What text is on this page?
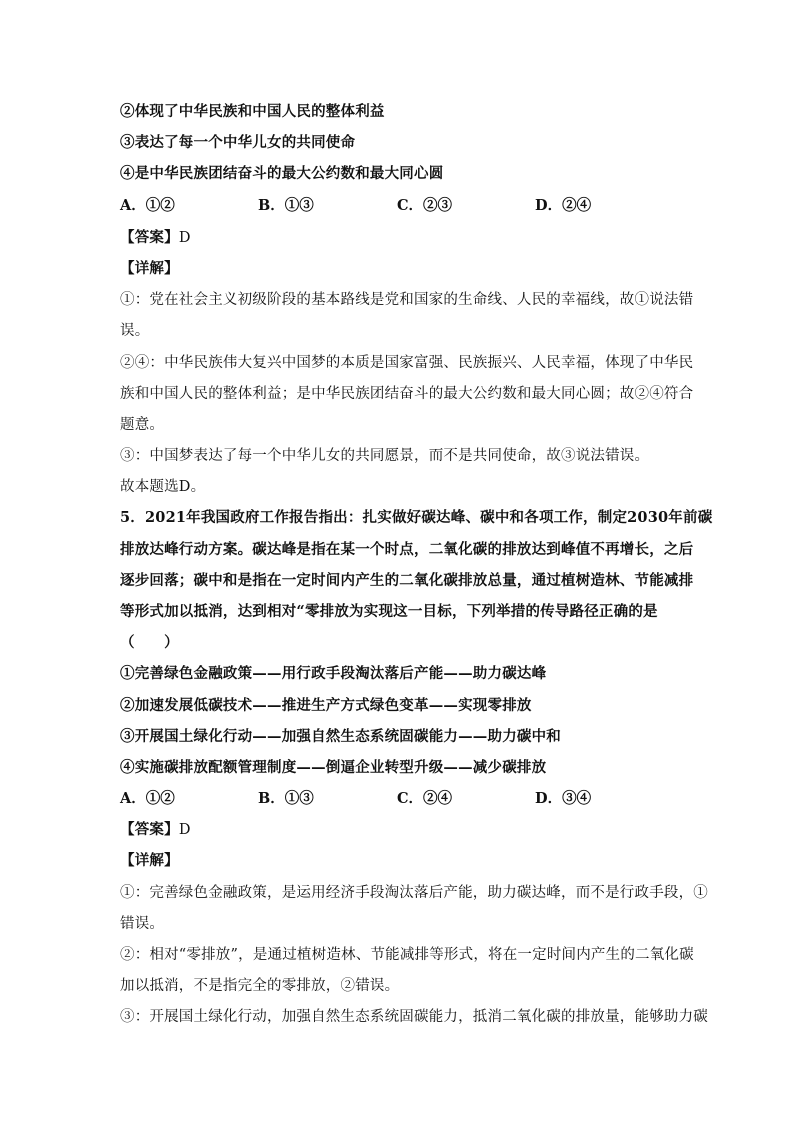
②体现了中华民族和中国人民的整体利益
③表达了每一个中华儿女的共同使命
④是中华民族团结奋斗的最大公约数和最大同心圆
A．①②	B．①③	C．②③	D．②④
【答案】D
【详解】
①：党在社会主义初级阶段的基本路线是党和国家的生命线、人民的幸福线，故①说法错
误。
②④：中华民族伟大复兴中国梦的本质是国家富强、民族振兴、人民幸福，体现了中华民
族和中国人民的整体利益；是中华民族团结奋斗的最大公约数和最大同心圆；故②④符合
题意。
③：中国梦表达了每一个中华儿女的共同愿景，而不是共同使命，故③说法错误。
故本题选D。
5．2021年我国政府工作报告指出：扎实做好碳达峰、碳中和各项工作，制定2030年前碳
排放达峰行动方案。碳达峰是指在某一个时点，二氧化碳的排放达到峰值不再增长，之后
逐步回落；碳中和是指在一定时间内产生的二氧化碳排放总量，通过植树造林、节能减排
等形式加以抵消，达到相对“零排放为实现这一目标，下列举措的传导路径正确的是
（　　）
①完善绿色金融政策——用行政手段淘汰落后产能——助力碳达峰
②加速发展低碳技术——推进生产方式绿色变革——实现零排放
③开展国土绿化行动——加强自然生态系统固碳能力——助力碳中和
④实施碳排放配额管理制度——倒逼企业转型升级——减少碳排放
A．①②	B．①③	C．②④	D．③④
【答案】D
【详解】
①：完善绿色金融政策，是运用经济手段淘汰落后产能，助力碳达峰，而不是行政手段，①
错误。
②：相对“零排放”，是通过植树造林、节能减排等形式，将在一定时间内产生的二氧化碳
加以抵消，不是指完全的零排放，②错误。
③：开展国土绿化行动，加强自然生态系统固碳能力，抵消二氧化碳的排放量，能够助力碳
